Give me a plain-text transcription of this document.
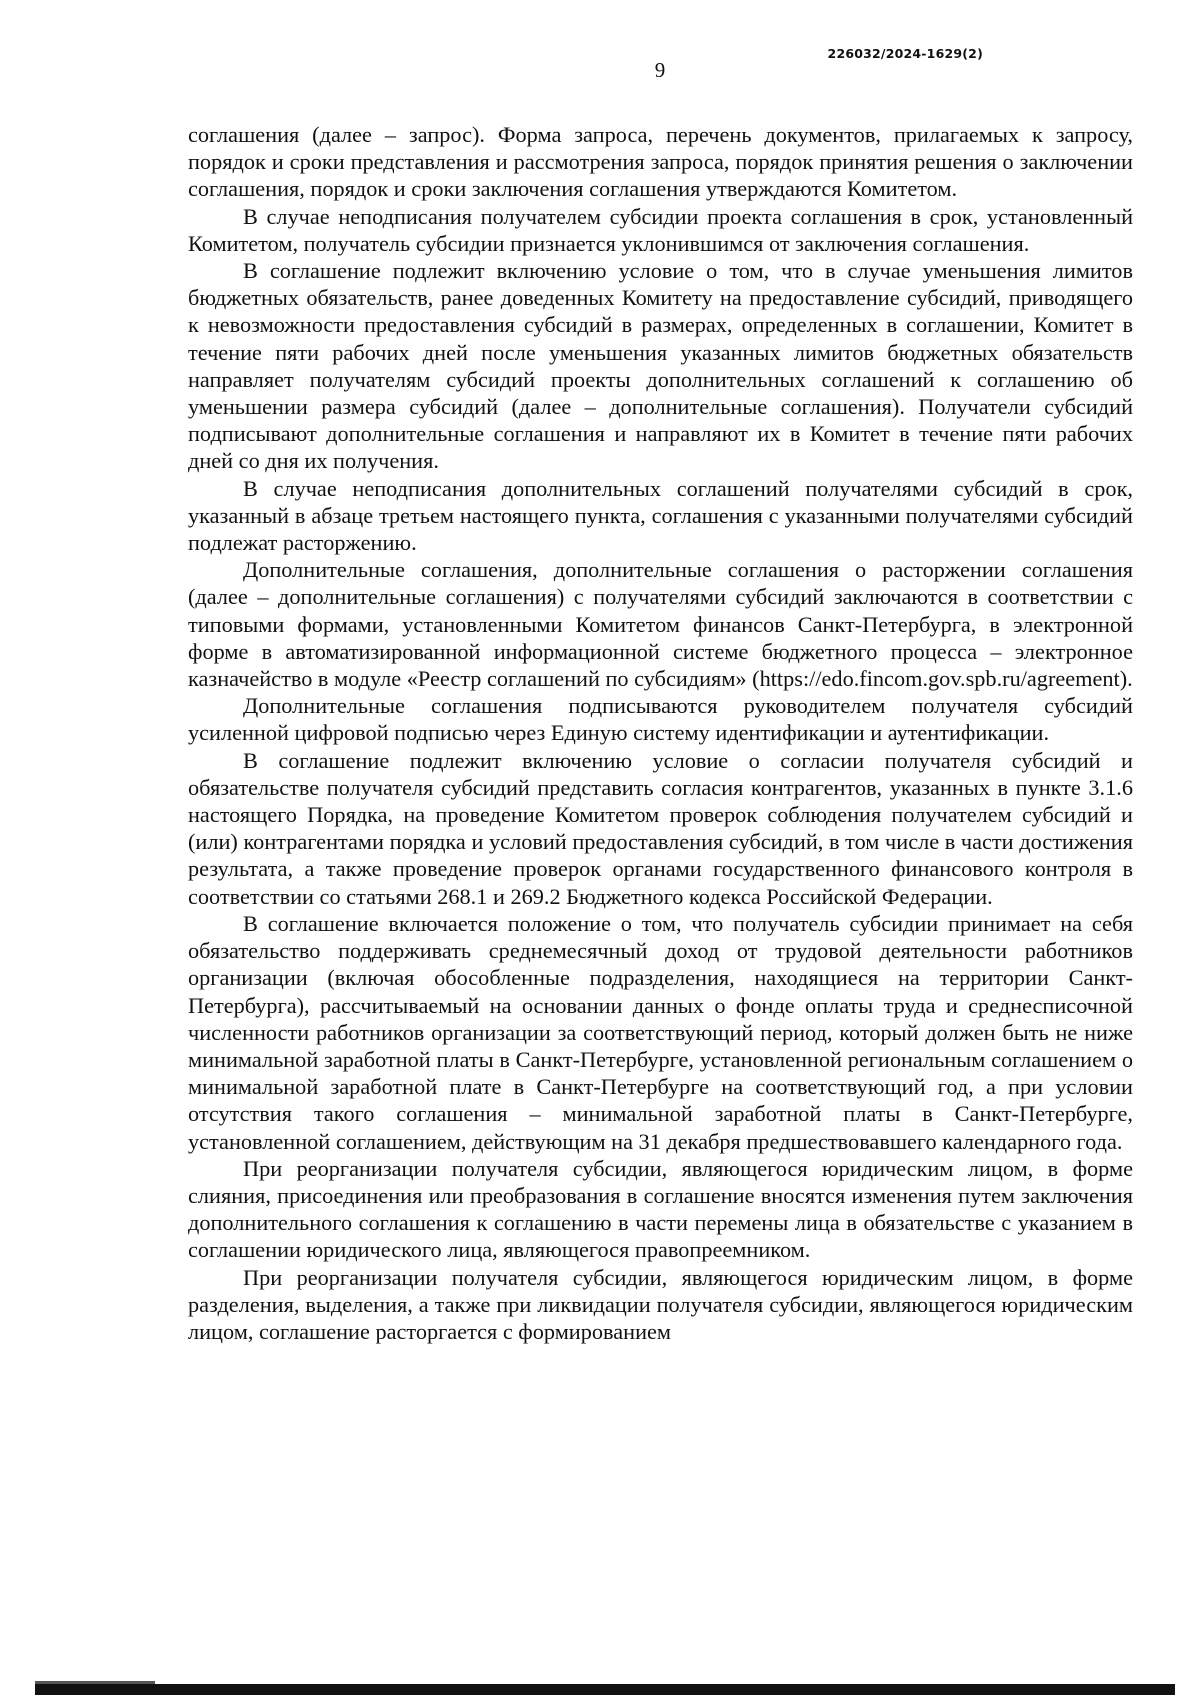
226032/2024-1629(2)
9

соглашения (далее – запрос). Форма запроса, перечень документов, прилагаемых к запросу, порядок и сроки представления и рассмотрения запроса, порядок принятия решения о заключении соглашения, порядок и сроки заключения соглашения утверждаются Комитетом.

В случае неподписания получателем субсидии проекта соглашения в срок, установленный Комитетом, получатель субсидии признается уклонившимся от заключения соглашения.

В соглашение подлежит включению условие о том, что в случае уменьшения лимитов бюджетных обязательств, ранее доведенных Комитету на предоставление субсидий, приводящего к невозможности предоставления субсидий в размерах, определенных в соглашении, Комитет в течение пяти рабочих дней после уменьшения указанных лимитов бюджетных обязательств направляет получателям субсидий проекты дополнительных соглашений к соглашению об уменьшении размера субсидий (далее – дополнительные соглашения). Получатели субсидий подписывают дополнительные соглашения и направляют их в Комитет в течение пяти рабочих дней со дня их получения.

В случае неподписания дополнительных соглашений получателями субсидий в срок, указанный в абзаце третьем настоящего пункта, соглашения с указанными получателями субсидий подлежат расторжению.

Дополнительные соглашения, дополнительные соглашения о расторжении соглашения (далее – дополнительные соглашения) с получателями субсидий заключаются в соответствии с типовыми формами, установленными Комитетом финансов Санкт-Петербурга, в электронной форме в автоматизированной информационной системе бюджетного процесса – электронное казначейство в модуле «Реестр соглашений по субсидиям» (https://edo.fincom.gov.spb.ru/agreement).

Дополнительные соглашения подписываются руководителем получателя субсидий усиленной цифровой подписью через Единую систему идентификации и аутентификации.

В соглашение подлежит включению условие о согласии получателя субсидий и обязательстве получателя субсидий представить согласия контрагентов, указанных в пункте 3.1.6 настоящего Порядка, на проведение Комитетом проверок соблюдения получателем субсидий и (или) контрагентами порядка и условий предоставления субсидий, в том числе в части достижения результата, а также проведение проверок органами государственного финансового контроля в соответствии со статьями 268.1 и 269.2 Бюджетного кодекса Российской Федерации.

В соглашение включается положение о том, что получатель субсидии принимает на себя обязательство поддерживать среднемесячный доход от трудовой деятельности работников организации (включая обособленные подразделения, находящиеся на территории Санкт-Петербурга), рассчитываемый на основании данных о фонде оплаты труда и среднесписочной численности работников организации за соответствующий период, который должен быть не ниже минимальной заработной платы в Санкт-Петербурге, установленной региональным соглашением о минимальной заработной плате в Санкт-Петербурге на соответствующий год, а при условии отсутствия такого соглашения – минимальной заработной платы в Санкт-Петербурге, установленной соглашением, действующим на 31 декабря предшествовавшего календарного года.

При реорганизации получателя субсидии, являющегося юридическим лицом, в форме слияния, присоединения или преобразования в соглашение вносятся изменения путем заключения дополнительного соглашения к соглашению в части перемены лица в обязательстве с указанием в соглашении юридического лица, являющегося правопреемником.

При реорганизации получателя субсидии, являющегося юридическим лицом, в форме разделения, выделения, а также при ликвидации получателя субсидии, являющегося юридическим лицом, соглашение расторгается с формированием
